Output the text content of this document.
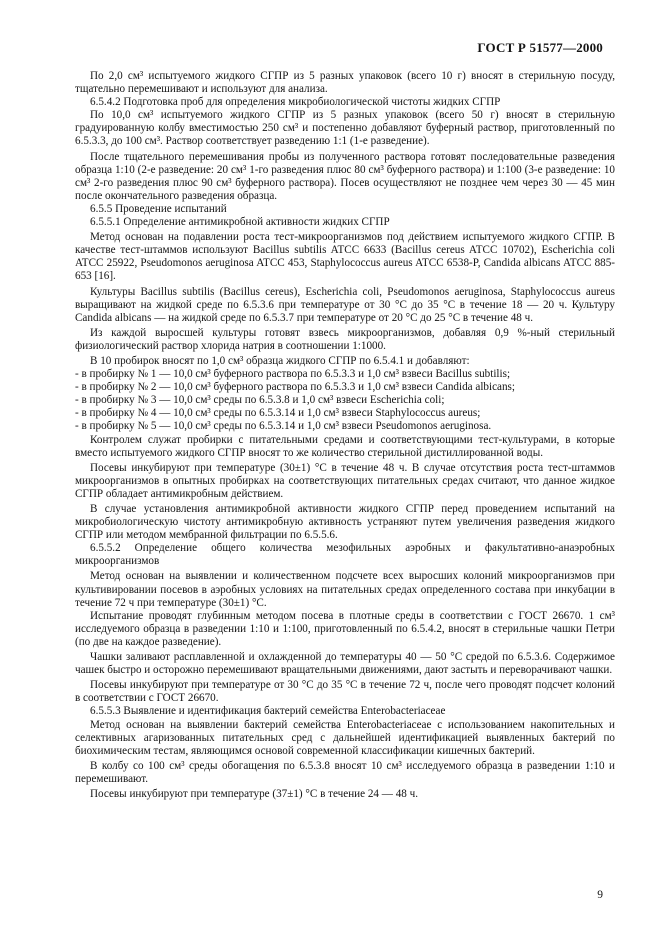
ГОСТ Р 51577—2000

По 2,0 см³ испытуемого жидкого СГПР из 5 разных упаковок (всего 10 г) вносят в стерильную посуду, тщательно перемешивают и используют для анализа.

6.5.4.2 Подготовка проб для определения микробиологической чистоты жидких СГПР

По 10,0 см³ испытуемого жидкого СГПР из 5 разных упаковок (всего 50 г) вносят в стерильную градуированную колбу вместимостью 250 см³ и постепенно добавляют буферный раствор, приготовленный по 6.5.3.3, до 100 см³. Раствор соответствует разведению 1:1 (1-е разведение).

После тщательного перемешивания пробы из полученного раствора готовят последовательные разведения образца 1:10 (2-е разведение: 20 см³ 1-го разведения плюс 80 см³ буферного раствора) и 1:100 (3-е разведение: 10 см³ 2-го разведения плюс 90 см³ буферного раствора). Посев осуществляют не позднее чем через 30 — 45 мин после окончательного разведения образца.

6.5.5 Проведение испытаний

6.5.5.1 Определение антимикробной активности жидких СГПР

Метод основан на подавлении роста тест-микроорганизмов под действием испытуемого жидкого СГПР. В качестве тест-штаммов используют Bacillus subtilis ATCC 6633 (Bacillus cereus ATCC 10702), Escherichia coli ATCC 25922, Pseudomonos aeruginosa ATCC 453, Staphylococcus aureus ATCC 6538-P, Candida albicans ATCC 885-653 [16].

Культуры Bacillus subtilis (Bacillus cereus), Escherichia coli, Pseudomonos aeruginosa, Staphylococcus aureus выращивают на жидкой среде по 6.5.3.6 при температуре от 30 °С до 35 °С в течение 18 — 20 ч. Культуру Candida albicans — на жидкой среде по 6.5.3.7 при температуре от 20 °С до 25 °С в течение 48 ч.

Из каждой выросшей культуры готовят взвесь микроорганизмов, добавляя 0,9 %-ный стерильный физиологический раствор хлорида натрия в соотношении 1:1000.

В 10 пробирок вносят по 1,0 см³ образца жидкого СГПР по 6.5.4.1 и добавляют:

- в пробирку № 1 — 10,0 см³ буферного раствора по 6.5.3.3 и 1,0 см³ взвеси Bacillus subtilis;

- в пробирку № 2 — 10,0 см³ буферного раствора по 6.5.3.3 и 1,0 см³ взвеси Candida albicans;

- в пробирку № 3 — 10,0 см³ среды по 6.5.3.8 и 1,0 см³ взвеси Escherichia coli;

- в пробирку № 4 — 10,0 см³ среды по 6.5.3.14 и 1,0 см³ взвеси Staphylococcus aureus;

- в пробирку № 5 — 10,0 см³ среды по 6.5.3.14 и 1,0 см³ взвеси Pseudomonos aeruginosa.

Контролем служат пробирки с питательными средами и соответствующими тест-культурами, в которые вместо испытуемого жидкого СГПР вносят то же количество стерильной дистиллированной воды.

Посевы инкубируют при температуре (30±1) °С в течение 48 ч. В случае отсутствия роста тест-штаммов микроорганизмов в опытных пробирках на соответствующих питательных средах считают, что данное жидкое СГПР обладает антимикробным действием.

В случае установления антимикробной активности жидкого СГПР перед проведением испытаний на микробиологическую чистоту антимикробную активность устраняют путем увеличения разведения жидкого СГПР или методом мембранной фильтрации по 6.5.5.6.

6.5.5.2 Определение общего количества мезофильных аэробных и факультативно-анаэробных микроорганизмов

Метод основан на выявлении и количественном подсчете всех выросших колоний микроорганизмов при культивировании посевов в аэробных условиях на питательных средах определенного состава при инкубации в течение 72 ч при температуре (30±1) °С.

Испытание проводят глубинным методом посева в плотные среды в соответствии с ГОСТ 26670. 1 см³ исследуемого образца в разведении 1:10 и 1:100, приготовленный по 6.5.4.2, вносят в стерильные чашки Петри (по две на каждое разведение).

Чашки заливают расплавленной и охлажденной до температуры 40 — 50 °С средой по 6.5.3.6. Содержимое чашек быстро и осторожно перемешивают вращательными движениями, дают застыть и переворачивают чашки.

Посевы инкубируют при температуре от 30 °С до 35 °С в течение 72 ч, после чего проводят подсчет колоний в соответствии с ГОСТ 26670.

6.5.5.3 Выявление и идентификация бактерий семейства Enterobacteriaceae

Метод основан на выявлении бактерий семейства Enterobacteriaceae с использованием накопительных и селективных агаризованных питательных сред с дальнейшей идентификацией выявленных бактерий по биохимическим тестам, являющимся основой современной классификации кишечных бактерий.

В колбу со 100 см³ среды обогащения по 6.5.3.8 вносят 10 см³ исследуемого образца в разведении 1:10 и перемешивают.

Посевы инкубируют при температуре (37±1) °С в течение 24 — 48 ч.

9
